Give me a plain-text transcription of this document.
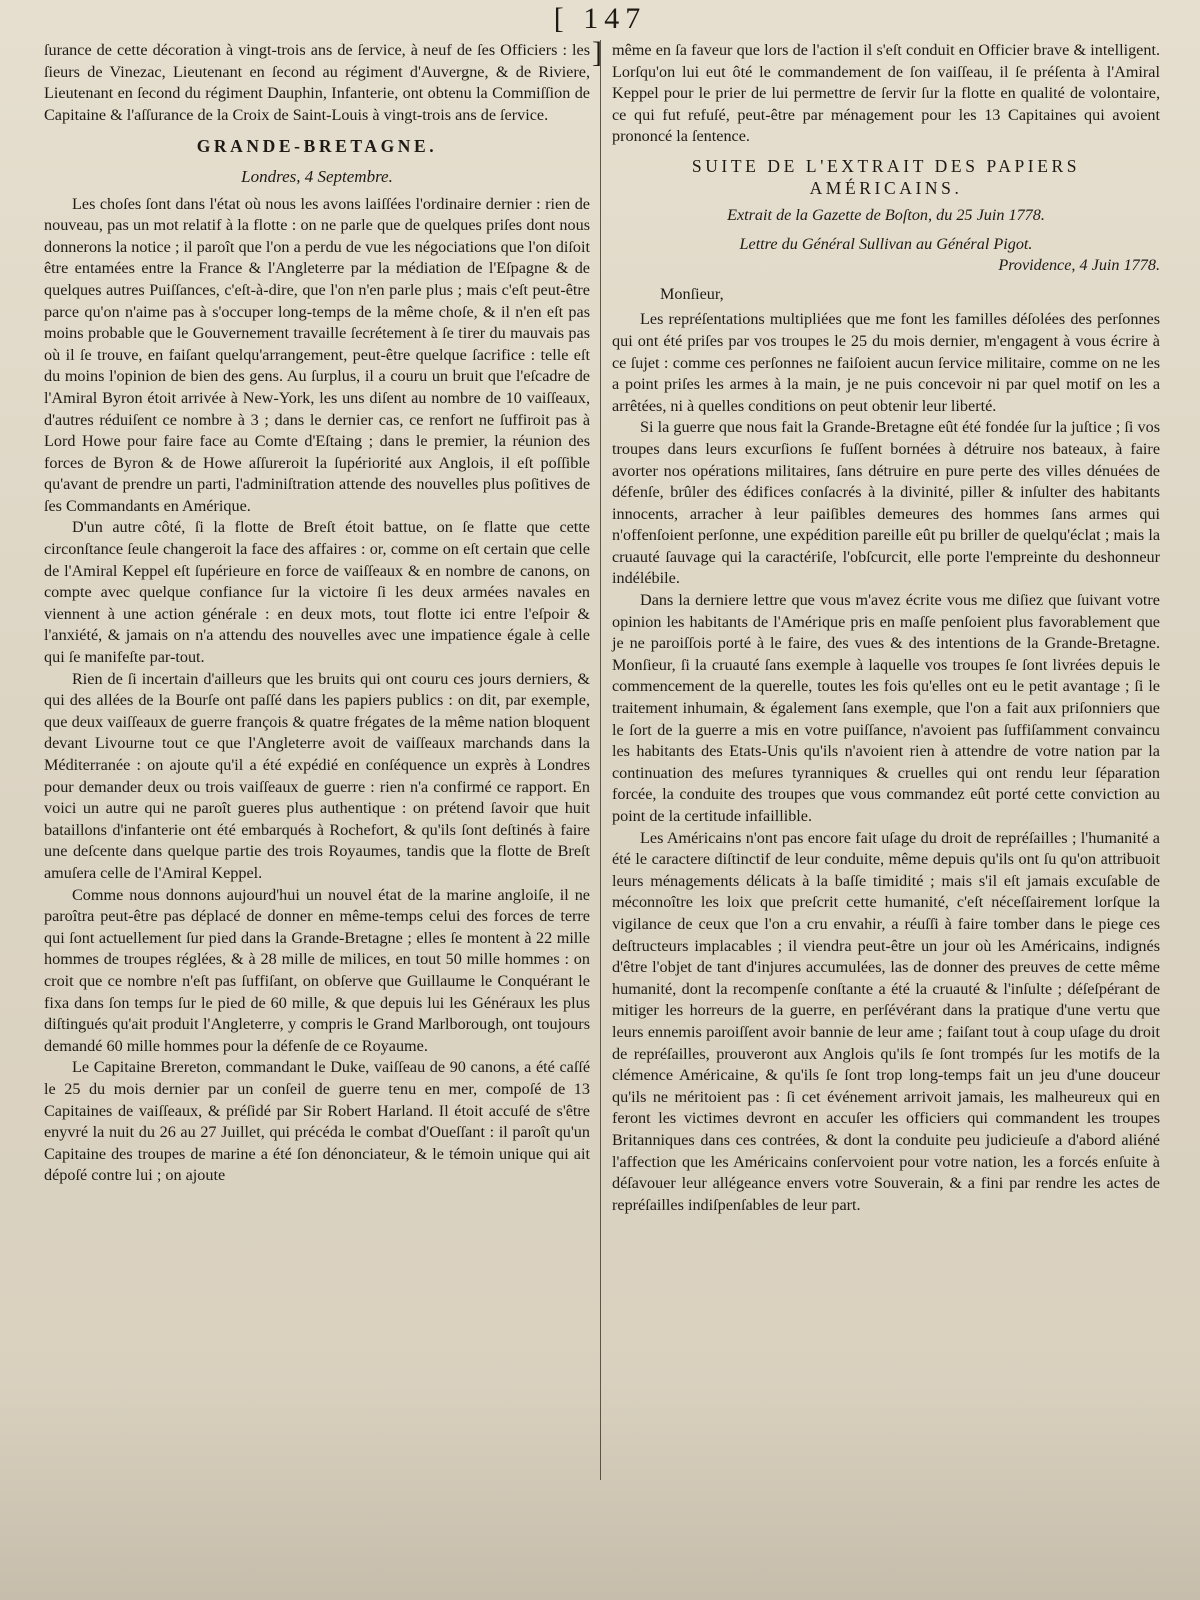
[ 147 ]

ſurance de cette décoration à vingt-trois ans de ſervice, à neuf de ſes Officiers : les ſieurs de Vinezac, Lieutenant en ſecond au régiment d'Auvergne, & de Riviere, Lieutenant en ſecond du régiment Dauphin, Infanterie, ont obtenu la Commiſſion de Capitaine & l'aſſurance de la Croix de Saint-Louis à vingt-trois ans de ſervice.

GRANDE-BRETAGNE.

Londres, 4 Septembre.

Les choſes ſont dans l'état où nous les avons laiſſées l'ordinaire dernier : rien de nouveau, pas un mot relatif à la flotte : on ne parle que de quelques priſes dont nous donnerons la notice ; il paroît que l'on a perdu de vue les négociations que l'on diſoit être entamées entre la France & l'Angleterre par la médiation de l'Eſpagne & de quelques autres Puiſſances, c'eſt-à-dire, que l'on n'en parle plus ; mais c'eſt peut-être parce qu'on n'aime pas à s'occuper long-temps de la même choſe, & il n'en eſt pas moins probable que le Gouvernement travaille ſecrétement à ſe tirer du mauvais pas où il ſe trouve, en faiſant quelqu'arrangement, peut-être quelque ſacrifice : telle eſt du moins l'opinion de bien des gens. Au ſurplus, il a couru un bruit que l'eſcadre de l'Amiral Byron étoit arrivée à New-York, les uns diſent au nombre de 10 vaiſſeaux, d'autres réduiſent ce nombre à 3 ; dans le dernier cas, ce renfort ne ſuffiroit pas à Lord Howe pour faire face au Comte d'Eſtaing ; dans le premier, la réunion des forces de Byron & de Howe aſſureroit la ſupériorité aux Anglois, il eſt poſſible qu'avant de prendre un parti, l'adminiſtration attende des nouvelles plus poſitives de ſes Commandants en Amérique.

D'un autre côté, ſi la flotte de Breſt étoit battue, on ſe flatte que cette circonſtance ſeule changeroit la face des affaires : or, comme on eſt certain que celle de l'Amiral Keppel eſt ſupérieure en force de vaiſſeaux & en nombre de canons, on compte avec quelque confiance ſur la victoire ſi les deux armées navales en viennent à une action générale : en deux mots, tout flotte ici entre l'eſpoir & l'anxiété, & jamais on n'a attendu des nouvelles avec une impatience égale à celle qui ſe manifeſte par-tout.

Rien de ſi incertain d'ailleurs que les bruits qui ont couru ces jours derniers, & qui des allées de la Bourſe ont paſſé dans les papiers publics : on dit, par exemple, que deux vaiſſeaux de guerre françois & quatre frégates de la même nation bloquent devant Livourne tout ce que l'Angleterre avoit de vaiſſeaux marchands dans la Méditerranée : on ajoute qu'il a été expédié en conſéquence un exprès à Londres pour demander deux ou trois vaiſſeaux de guerre : rien n'a confirmé ce rapport. En voici un autre qui ne paroît gueres plus authentique : on prétend ſavoir que huit bataillons d'infanterie ont été embarqués à Rochefort, & qu'ils ſont deſtinés à faire une deſcente dans quelque partie des trois Royaumes, tandis que la flotte de Breſt amuſera celle de l'Amiral Keppel.

Comme nous donnons aujourd'hui un nouvel état de la marine angloiſe, il ne paroîtra peut-être pas déplacé de donner en même-temps celui des forces de terre qui ſont actuellement ſur pied dans la Grande-Bretagne ; elles ſe montent à 22 mille hommes de troupes réglées, & à 28 mille de milices, en tout 50 mille hommes : on croit que ce nombre n'eſt pas ſuffiſant, on obſerve que Guillaume le Conquérant le fixa dans ſon temps ſur le pied de 60 mille, & que depuis lui les Généraux les plus diſtingués qu'ait produit l'Angleterre, y compris le Grand Marlborough, ont toujours demandé 60 mille hommes pour la défenſe de ce Royaume.

Le Capitaine Brereton, commandant le Duke, vaiſſeau de 90 canons, a été caſſé le 25 du mois dernier par un conſeil de guerre tenu en mer, compoſé de 13 Capitaines de vaiſſeaux, & préſidé par Sir Robert Harland. Il étoit accuſé de s'être enyvré la nuit du 26 au 27 Juillet, qui précéda le combat d'Oueſſant : il paroît qu'un Capitaine des troupes de marine a été ſon dénonciateur, & le témoin unique qui ait dépoſé contre lui ; on ajoute

même en ſa faveur que lors de l'action il s'eſt conduit en Officier brave & intelligent. Lorſqu'on lui eut ôté le commandement de ſon vaiſſeau, il ſe préſenta à l'Amiral Keppel pour le prier de lui permettre de ſervir ſur la flotte en qualité de volontaire, ce qui fut refuſé, peut-être par ménagement pour les 13 Capitaines qui avoient prononcé la ſentence.

SUITE DE L'EXTRAIT DES PAPIERS AMÉRICAINS.

Extrait de la Gazette de Boſton, du 25 Juin 1778.

Lettre du Général Sullivan au Général Pigot.

Providence, 4 Juin 1778.

Monſieur,

Les repréſentations multipliées que me font les familles déſolées des perſonnes qui ont été priſes par vos troupes le 25 du mois dernier, m'engagent à vous écrire à ce ſujet : comme ces perſonnes ne faiſoient aucun ſervice militaire, comme on ne les a point priſes les armes à la main, je ne puis concevoir ni par quel motif on les a arrêtées, ni à quelles conditions on peut obtenir leur liberté.

Si la guerre que nous fait la Grande-Bretagne eût été fondée ſur la juſtice ; ſi vos troupes dans leurs excurſions ſe fuſſent bornées à détruire nos bateaux, à faire avorter nos opérations militaires, ſans détruire en pure perte des villes dénuées de défenſe, brûler des édifices conſacrés à la divinité, piller & inſulter des habitants innocents, arracher à leur paiſibles demeures des hommes ſans armes qui n'offenſoient perſonne, une expédition pareille eût pu briller de quelqu'éclat ; mais la cruauté ſauvage qui la caractériſe, l'obſcurcit, elle porte l'empreinte du deshonneur indélébile.

Dans la derniere lettre que vous m'avez écrite vous me diſiez que ſuivant votre opinion les habitants de l'Amérique pris en maſſe penſoient plus favorablement que je ne paroiſſois porté à le faire, des vues & des intentions de la Grande-Bretagne. Monſieur, ſi la cruauté ſans exemple à laquelle vos troupes ſe ſont livrées depuis le commencement de la querelle, toutes les fois qu'elles ont eu le petit avantage ; ſi le traitement inhumain, & également ſans exemple, que l'on a fait aux priſonniers que le ſort de la guerre a mis en votre puiſſance, n'avoient pas ſuffiſamment convaincu les habitants des Etats-Unis qu'ils n'avoient rien à attendre de votre nation par la continuation des meſures tyranniques & cruelles qui ont rendu leur ſéparation forcée, la conduite des troupes que vous commandez eût porté cette conviction au point de la certitude infaillible.

Les Américains n'ont pas encore fait uſage du droit de repréſailles ; l'humanité a été le caractere diſtinctif de leur conduite, même depuis qu'ils ont ſu qu'on attribuoit leurs ménagements délicats à la baſſe timidité ; mais s'il eſt jamais excuſable de méconnoître les loix que preſcrit cette humanité, c'eſt néceſſairement lorſque la vigilance de ceux que l'on a cru envahir, a réuſſi à faire tomber dans le piege ces deſtructeurs implacables ; il viendra peut-être un jour où les Américains, indignés d'être l'objet de tant d'injures accumulées, las de donner des preuves de cette même humanité, dont la recompenſe conſtante a été la cruauté & l'inſulte ; déſeſpérant de mitiger les horreurs de la guerre, en perſévérant dans la pratique d'une vertu que leurs ennemis paroiſſent avoir bannie de leur ame ; faiſant tout à coup uſage du droit de repréſailles, prouveront aux Anglois qu'ils ſe ſont trompés ſur les motifs de la clémence Américaine, & qu'ils ſe ſont trop long-temps fait un jeu d'une douceur qu'ils ne méritoient pas : ſi cet événement arrivoit jamais, les malheureux qui en feront les victimes devront en accuſer les officiers qui commandent les troupes Britanniques dans ces contrées, & dont la conduite peu judicieuſe a d'abord aliéné l'affection que les Américains conſervoient pour votre nation, les a forcés enſuite à déſavouer leur allégeance envers votre Souverain, & a fini par rendre les actes de repréſailles indiſpenſables de leur part.
